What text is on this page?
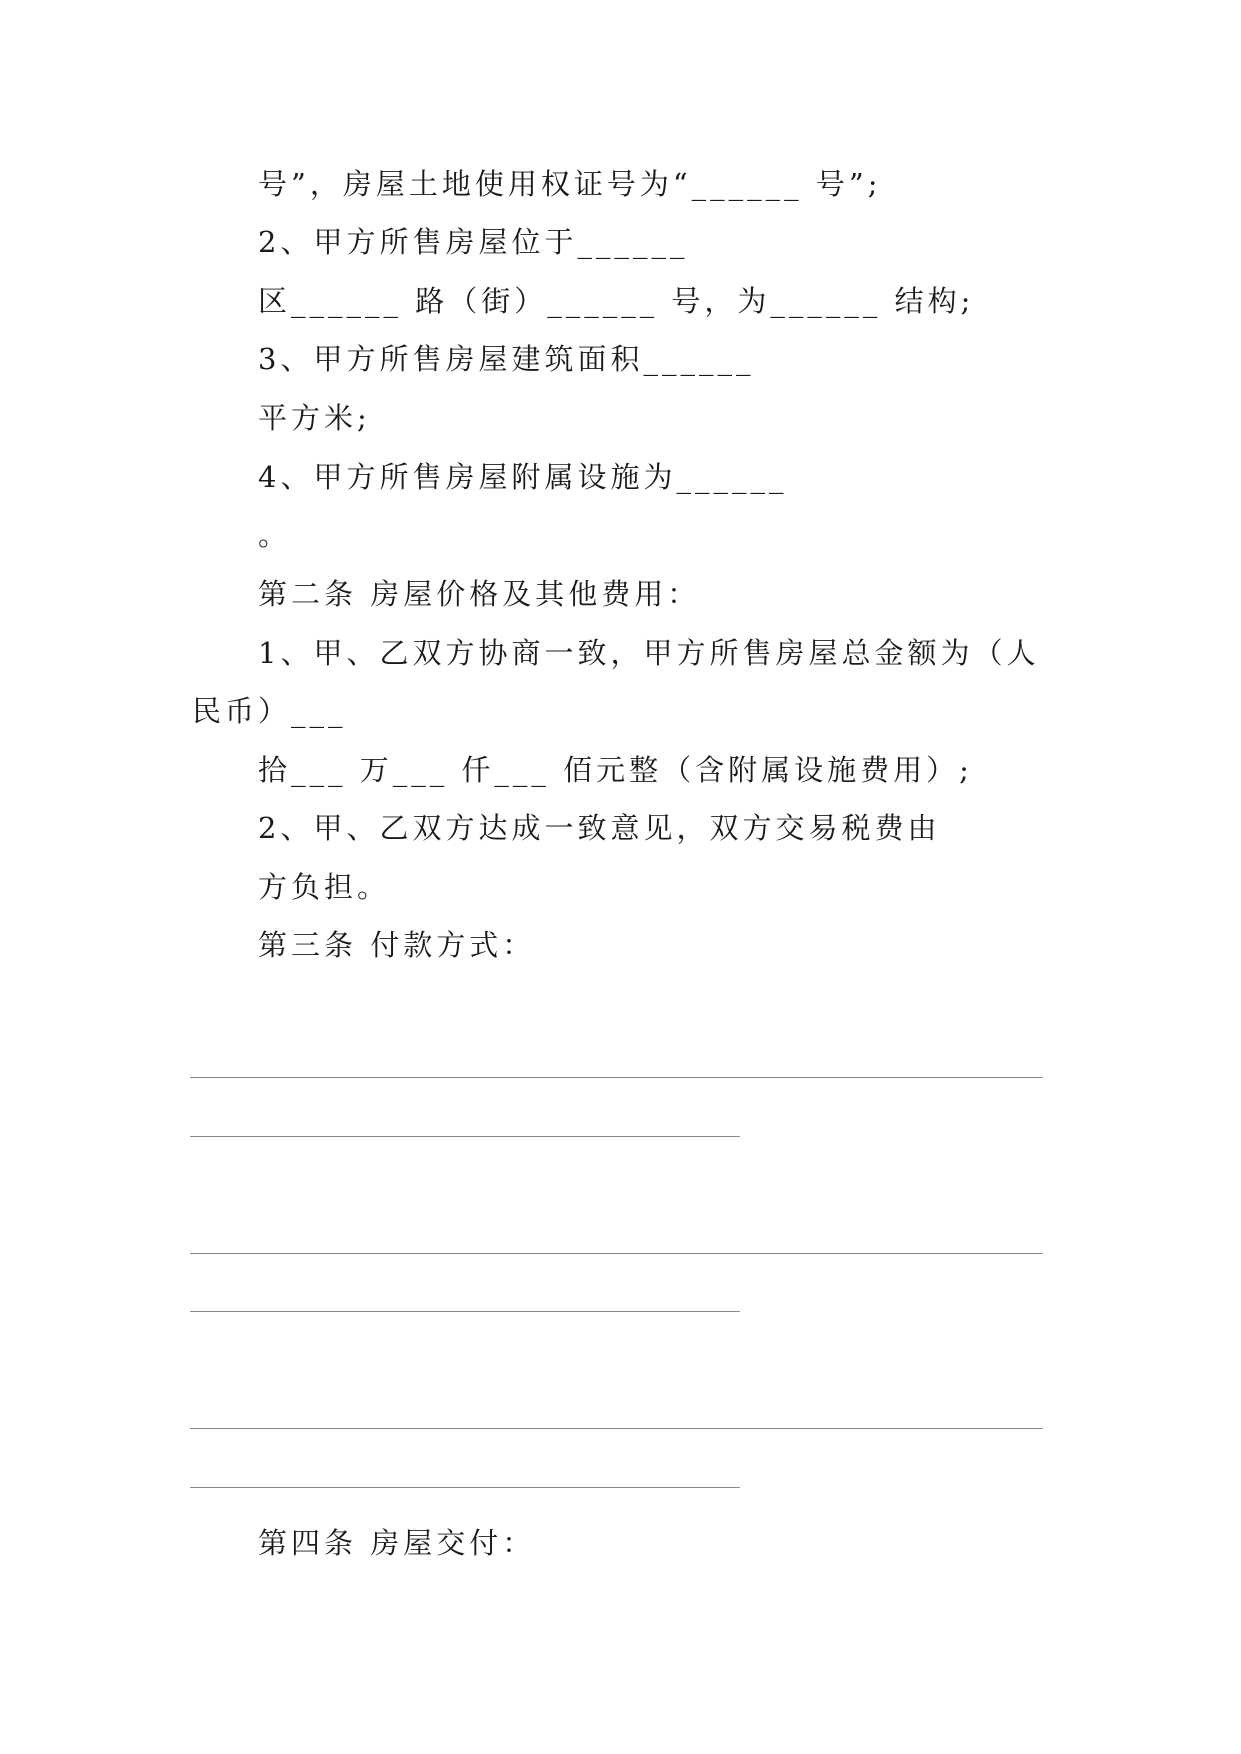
号”，房屋土地使用权证号为“______ 号”;
2、甲方所售房屋位于______
区______ 路（街）______ 号，为______ 结构;
3、甲方所售房屋建筑面积______
平方米;
4、甲方所售房屋附属设施为______
。
第二条 房屋价格及其他费用：
1、甲、乙双方协商一致，甲方所售房屋总金额为（人
民币）___
拾___ 万___ 仟___ 佰元整（含附属设施费用）;
2、甲、乙双方达成一致意见，双方交易税费由
方负担。
第三条 付款方式：
第四条 房屋交付：
